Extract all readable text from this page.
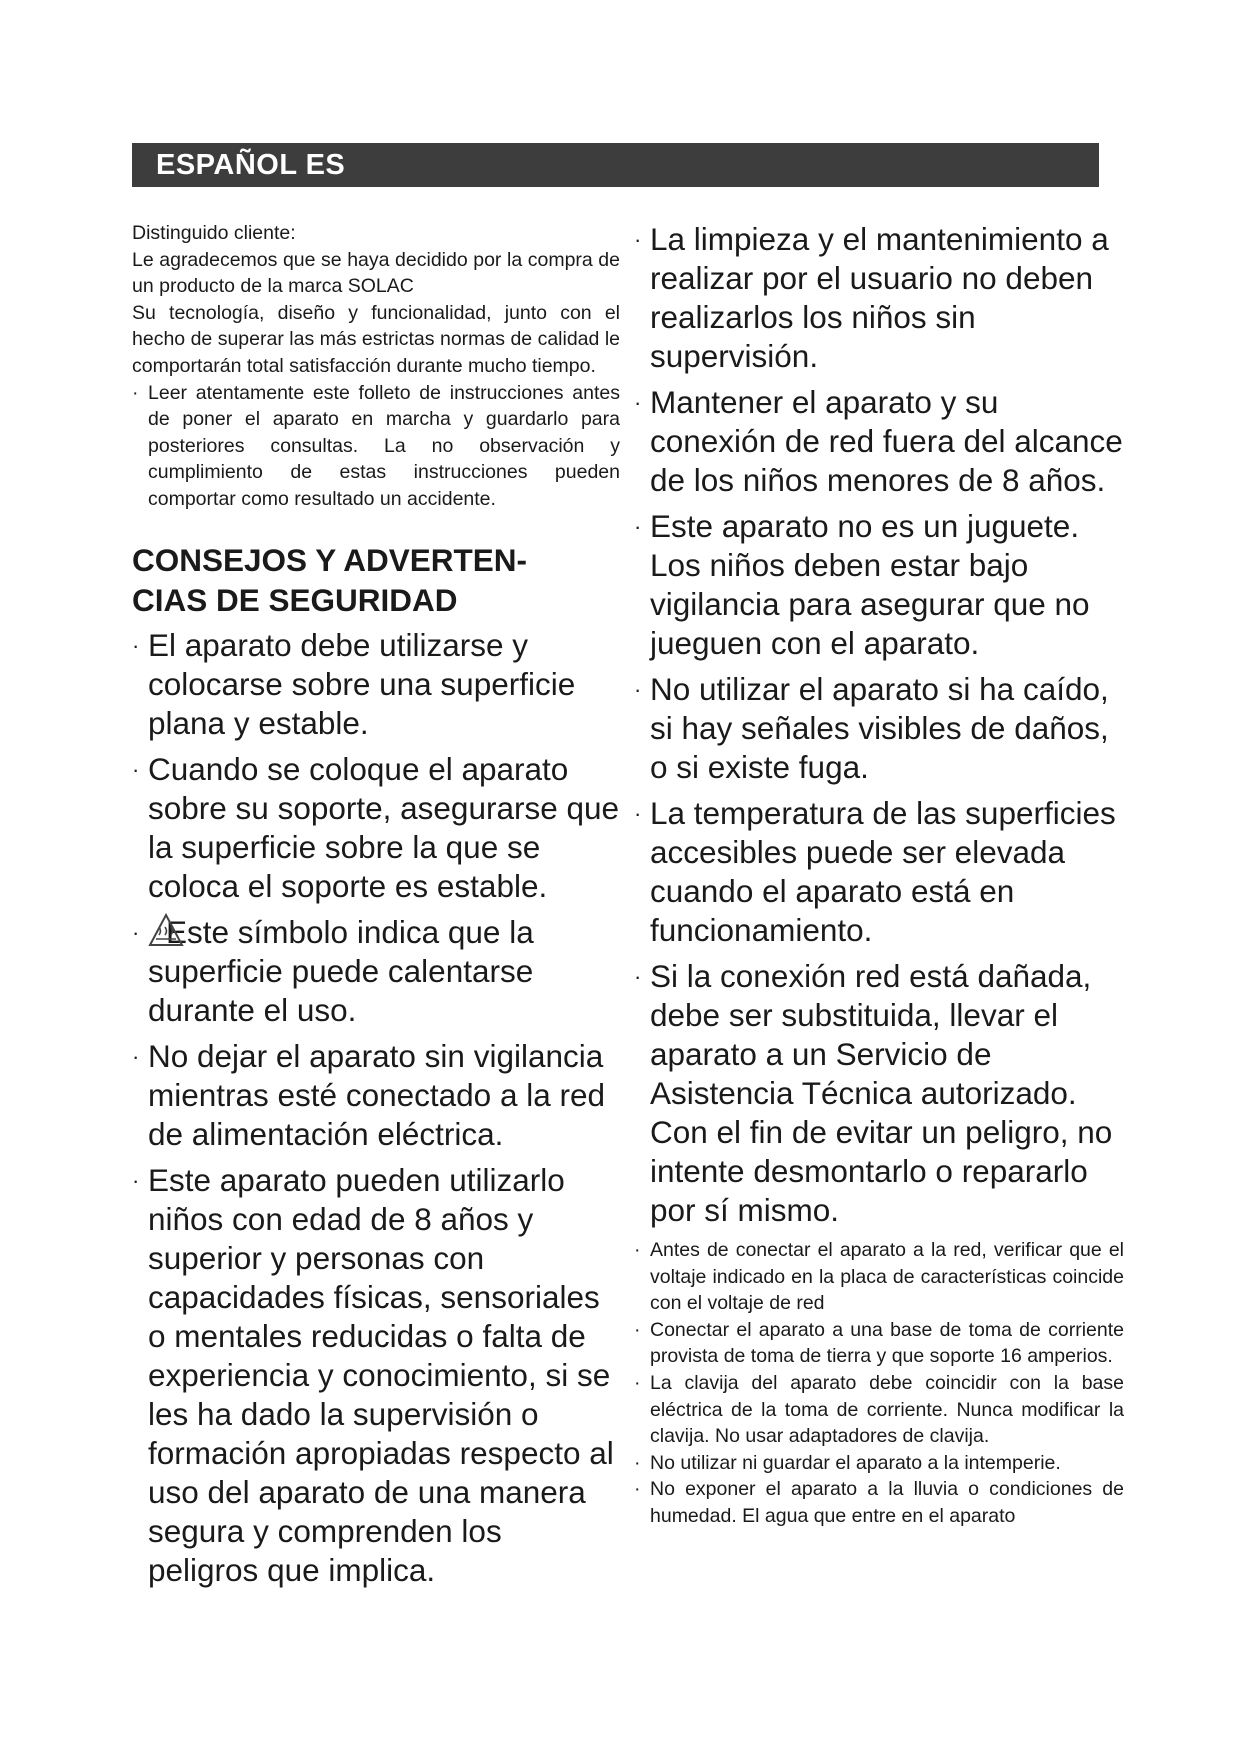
ESPAÑOL ES

Distinguido cliente:

Le agradecemos que se haya decidido por la compra de un producto de la marca SOLAC

Su tecnología, diseño y funcionalidad, junto con el hecho de superar las más estrictas normas de calidad le comportarán total satisfacción durante mucho tiempo.

· Leer atentamente este folleto de instrucciones antes de poner el aparato en marcha y guardarlo para posteriores consultas. La no observación y cumplimiento de estas instrucciones pueden comportar como resultado un accidente.
CONSEJOS Y ADVERTEN-
CIAS DE SEGURIDAD
· El aparato debe utilizarse y colocarse sobre una superficie plana y estable.
· Cuando se coloque el aparato sobre su soporte, asegurarse que la superficie sobre la que se coloca el soporte es estable.
· Este símbolo indica que la superficie puede calentarse durante el uso.
· No dejar el aparato sin vigilancia mientras esté conectado a la red de alimentación eléctrica.
· Este aparato pueden utilizarlo niños con edad de 8 años y superior y personas con capacidades físicas, sensoriales o mentales reducidas o falta de experiencia y conocimiento, si se les ha dado la supervisión o formación apropiadas respecto al uso del aparato de una manera segura y comprenden los peligros que implica.
· La limpieza y el mantenimiento a realizar por el usuario no deben realizarlos los niños sin supervisión.
· Mantener el aparato y su conexión de red fuera del alcance de los niños menores de 8 años.
· Este aparato no es un juguete. Los niños deben estar bajo vigilancia para asegurar que no jueguen con el aparato.
· No utilizar el aparato si ha caído, si hay señales visibles de daños, o si existe fuga.
· La temperatura de las superficies accesibles puede ser elevada cuando el aparato está en funcionamiento.
· Si la conexión red está dañada, debe ser substituida, llevar el aparato a un Servicio de Asistencia Técnica autorizado. Con el fin de evitar un peligro, no intente desmontarlo o repararlo por sí mismo.
· Antes de conectar el aparato a la red, verificar que el voltaje indicado en la placa de características coincide con el voltaje de red
· Conectar el aparato a una base de toma de corriente provista de toma de tierra y que soporte 16 amperios.
· La clavija del aparato debe coincidir con la base eléctrica de la toma de corriente. Nunca modificar la clavija. No usar adaptadores de clavija.
· No utilizar ni guardar el aparato a la intemperie.
· No exponer el aparato a la lluvia o condiciones de humedad. El agua que entre en el aparato
